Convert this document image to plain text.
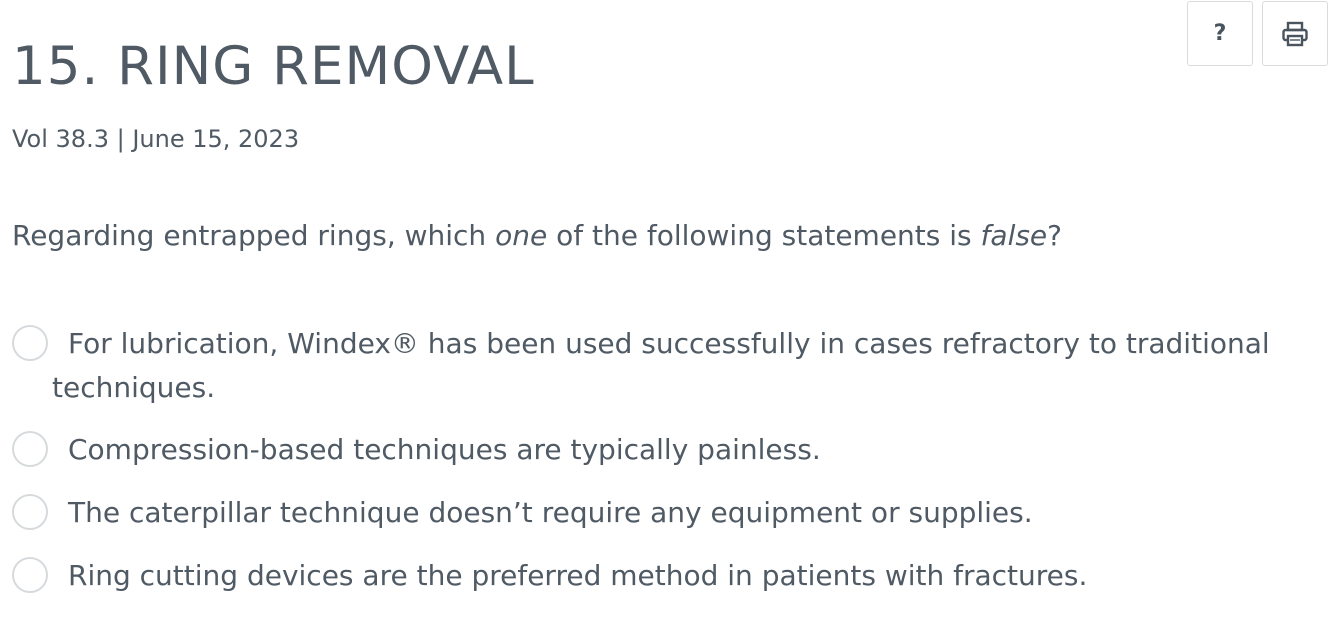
?
15. RING REMOVAL
Vol 38.3 | June 15, 2023
Regarding entrapped rings, which one of the following statements is false?
For lubrication, Windex® has been used successfully in cases refractory to traditional
techniques.
Compression-based techniques are typically painless.
The caterpillar technique doesn’t require any equipment or supplies.
Ring cutting devices are the preferred method in patients with fractures.
